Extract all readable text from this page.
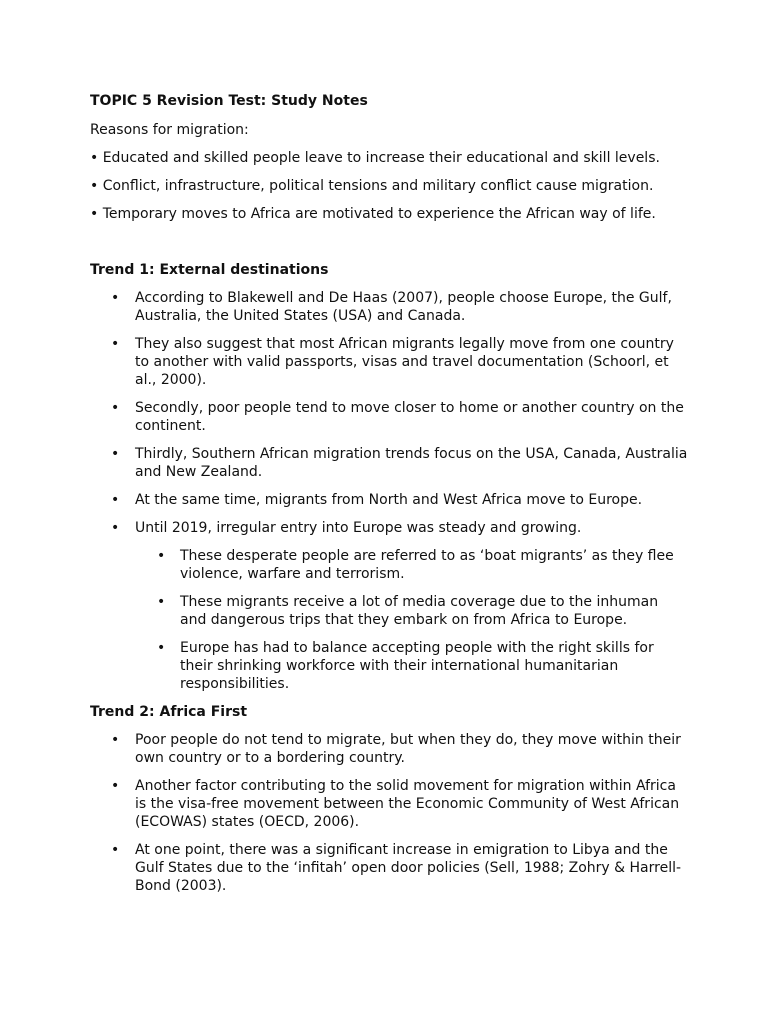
TOPIC 5 Revision Test: Study Notes

Reasons for migration:

• Educated and skilled people leave to increase their educational and skill levels.

• Conflict, infrastructure, political tensions and military conflict cause migration.

• Temporary moves to Africa are motivated to experience the African way of life.

Trend 1: External destinations

• According to Blakewell and De Haas (2007), people choose Europe, the Gulf, Australia, the United States (USA) and Canada.
• They also suggest that most African migrants legally move from one country to another with valid passports, visas and travel documentation (Schoorl, et al., 2000).
• Secondly, poor people tend to move closer to home or another country on the continent.
• Thirdly, Southern African migration trends focus on the USA, Canada, Australia and New Zealand.
• At the same time, migrants from North and West Africa move to Europe.
• Until 2019, irregular entry into Europe was steady and growing.
• These desperate people are referred to as ‘boat migrants’ as they flee violence, warfare and terrorism.
• These migrants receive a lot of media coverage due to the inhuman and dangerous trips that they embark on from Africa to Europe.
• Europe has had to balance accepting people with the right skills for their shrinking workforce with their international humanitarian responsibilities.

Trend 2: Africa First

• Poor people do not tend to migrate, but when they do, they move within their own country or to a bordering country.
• Another factor contributing to the solid movement for migration within Africa is the visa-free movement between the Economic Community of West African (ECOWAS) states (OECD, 2006).
• At one point, there was a significant increase in emigration to Libya and the Gulf States due to the ‘infitah’ open door policies (Sell, 1988; Zohry & Harrell-Bond (2003).
